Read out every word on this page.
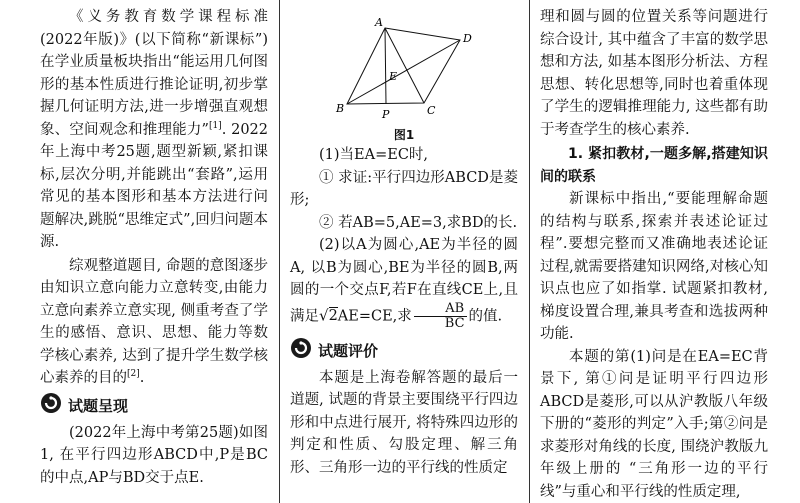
《义务教育数学课程标准(2022年版)》(以下简称“新课标”)在学业质量板块指出“能运用几何图形的基本性质进行推论证明,初步掌握几何证明方法,进一步增强直观想象、空间观念和推理能力”[1]. 2022年上海中考25题,题型新颖,紧扣课标,层次分明,并能跳出“套路”,运用常见的基本图形和基本方法进行问题解决,跳脱“思维定式”,回归问题本源.

综观整道题目, 命题的意图逐步由知识立意向能力立意转变,由能力立意向素养立意实现, 侧重考查了学生的感悟、意识、思想、能力等数学核心素养, 达到了提升学生数学核心素养的目的[2].

试题呈现

(2022年上海中考第25题)如图1, 在平行四边形ABCD中,P是BC的中点,AP与BD交于点E.

A
D
B	C
E
P
图1

(1)当EA=EC时,

① 求证:平行四边形ABCD是菱形;

② 若AB=5,AE=3,求BD的长.

(2)以A为圆心,AE为半径的圆A, 以B为圆心,BE为半径的圆B,两圆的一个交点F,若F在直线CE上,且满足√2AE=CE,求 $\frac{AB}{BC}$ 的值.

试题评价

本题是上海卷解答题的最后一道题, 试题的背景主要围绕平行四边形和中点进行展开, 将特殊四边形的判定和性质、勾股定理、解三角形、三角形一边的平行线的性质定

理和圆与圆的位置关系等问题进行综合设计, 其中蕴含了丰富的数学思想和方法, 如基本图形分析法、方程思想、转化思想等,同时也着重体现了学生的逻辑推理能力, 这些都有助于考查学生的核心素养.

1. 紧扣教材,一题多解,搭建知识间的联系

新课标中指出,“要能理解命题的结构与联系,探索并表述论证过程”.要想完整而又准确地表述论证过程,就需要搭建知识网络,对核心知识点也应了如指掌. 试题紧扣教材,梯度设置合理,兼具考查和选拔两种功能.

本题的第(1)问是在EA=EC背景下, 第①问是证明平行四边形ABCD是菱形,可以从沪教版八年级下册的“菱形的判定”入手;第②问是求菱形对角线的长度, 围绕沪教版九年级上册的 “三角形一边的平行线”与重心和平行线的性质定理,
